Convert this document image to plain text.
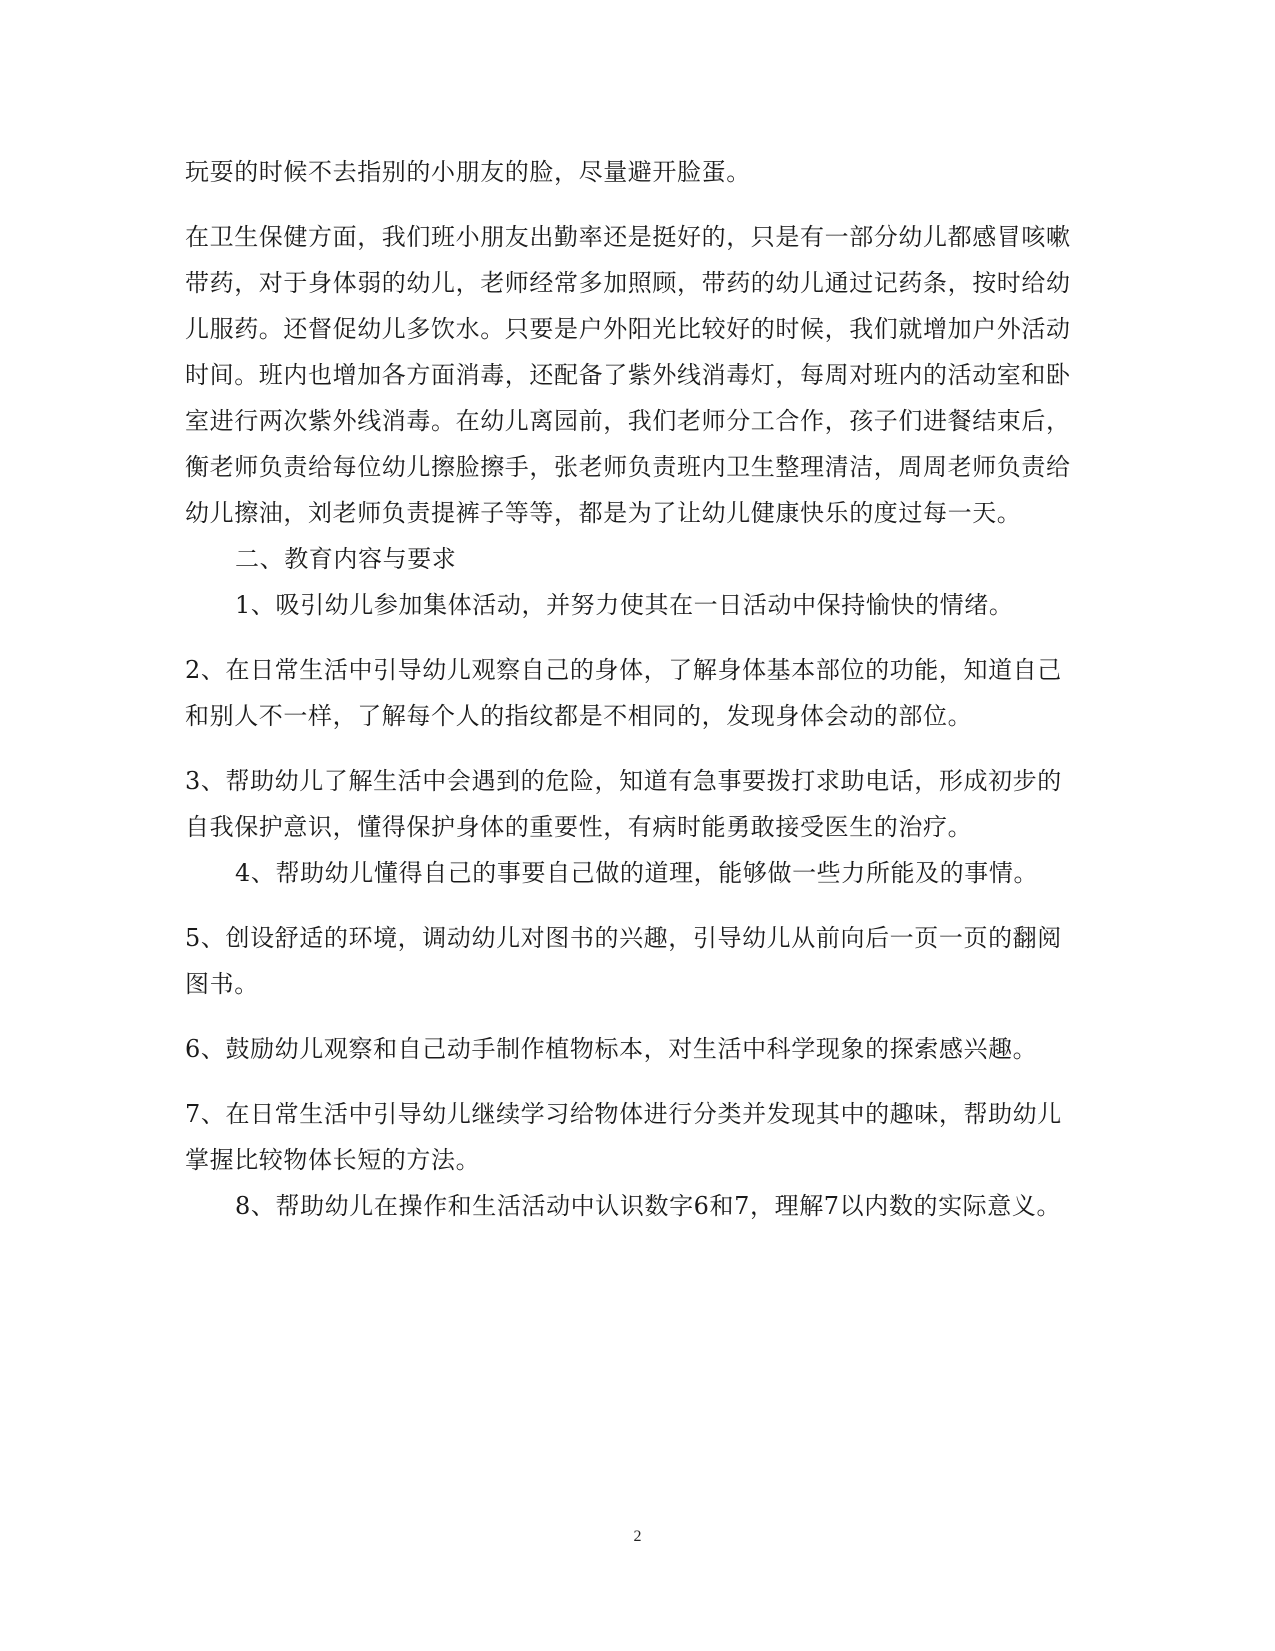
玩耍的时候不去指别的小朋友的脸，尽量避开脸蛋。
在卫生保健方面，我们班小朋友出勤率还是挺好的，只是有一部分幼儿都感冒咳嗽
带药，对于身体弱的幼儿，老师经常多加照顾，带药的幼儿通过记药条，按时给幼
儿服药。还督促幼儿多饮水。只要是户外阳光比较好的时候，我们就增加户外活动
时间。班内也增加各方面消毒，还配备了紫外线消毒灯，每周对班内的活动室和卧
室进行两次紫外线消毒。在幼儿离园前，我们老师分工合作，孩子们进餐结束后，
衡老师负责给每位幼儿擦脸擦手，张老师负责班内卫生整理清洁，周周老师负责给
幼儿擦油，刘老师负责提裤子等等，都是为了让幼儿健康快乐的度过每一天。
二、教育内容与要求
1、吸引幼儿参加集体活动，并努力使其在一日活动中保持愉快的情绪。
2、在日常生活中引导幼儿观察自己的身体，了解身体基本部位的功能，知道自己
和别人不一样，了解每个人的指纹都是不相同的，发现身体会动的部位。
3、帮助幼儿了解生活中会遇到的危险，知道有急事要拨打求助电话，形成初步的
自我保护意识，懂得保护身体的重要性，有病时能勇敢接受医生的治疗。
4、帮助幼儿懂得自己的事要自己做的道理，能够做一些力所能及的事情。
5、创设舒适的环境，调动幼儿对图书的兴趣，引导幼儿从前向后一页一页的翻阅
图书。
6、鼓励幼儿观察和自己动手制作植物标本，对生活中科学现象的探索感兴趣。
7、在日常生活中引导幼儿继续学习给物体进行分类并发现其中的趣味，帮助幼儿
掌握比较物体长短的方法。
8、帮助幼儿在操作和生活活动中认识数字6和7，理解7以内数的实际意义。
2
